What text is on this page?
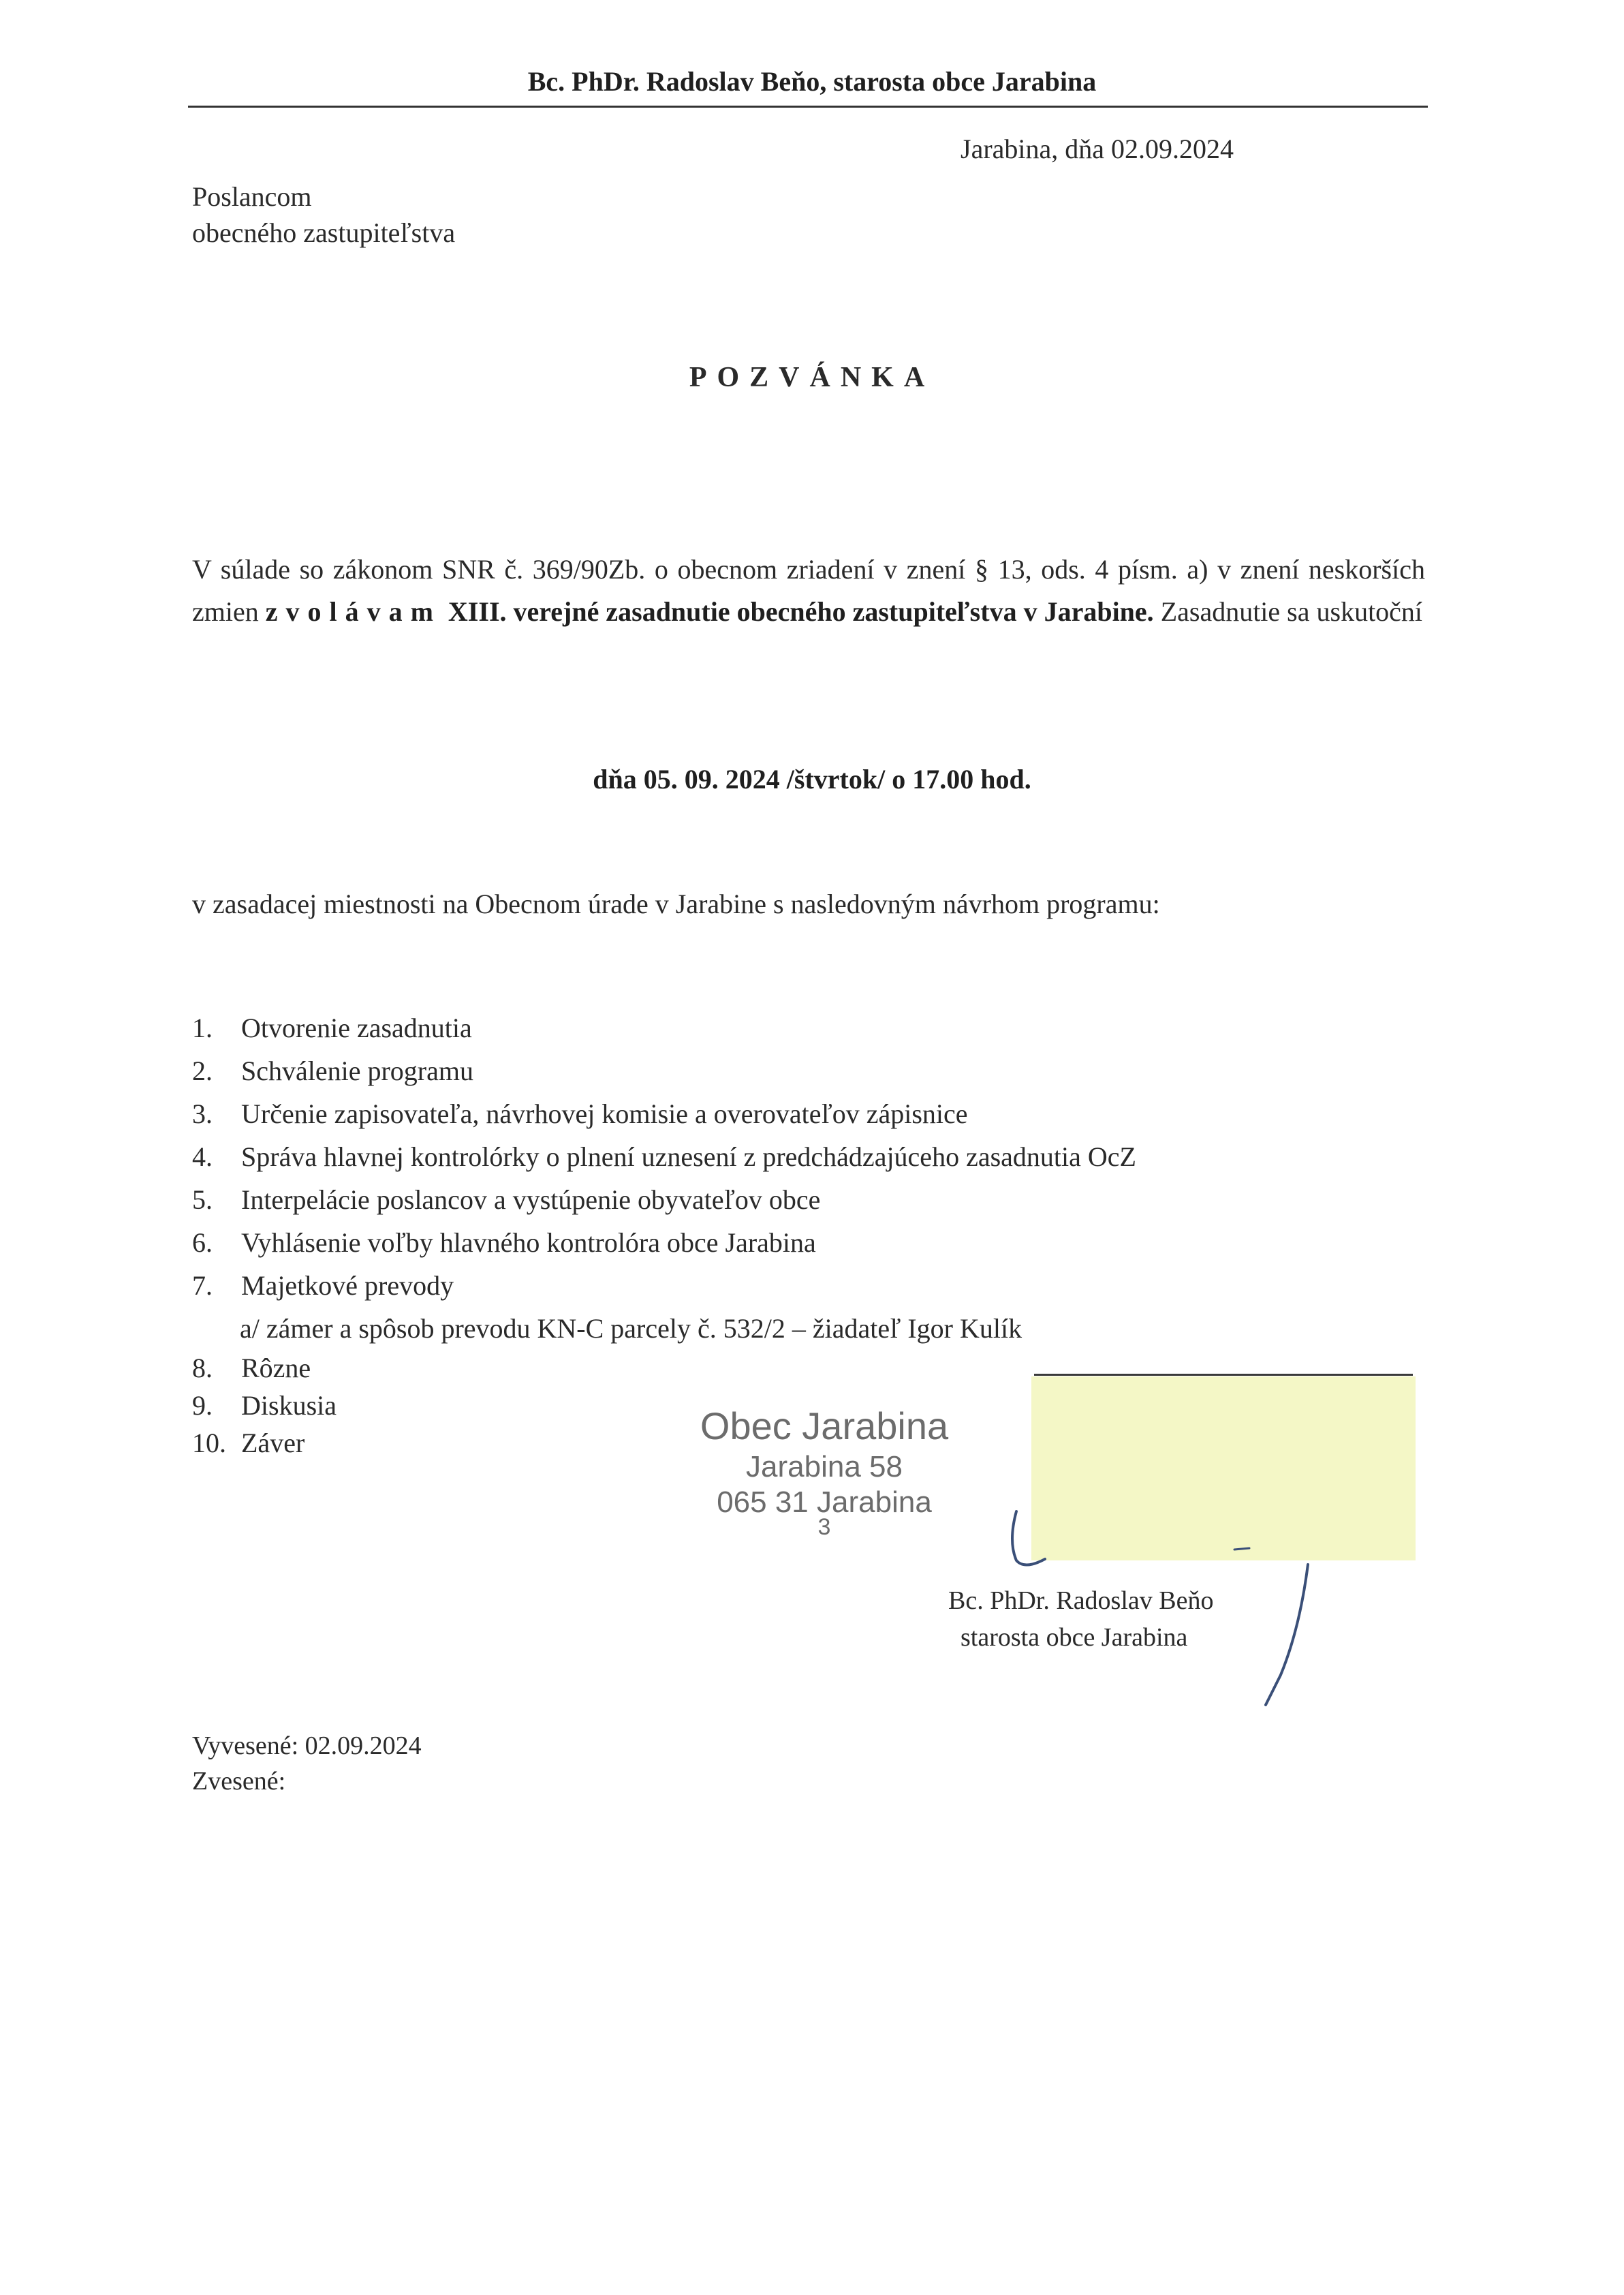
Bc. PhDr. Radoslav Beňo, starosta obce Jarabina
Jarabina, dňa 02.09.2024
Poslancom
obecného zastupiteľstva
POZVÁNKA
V súlade so zákonom SNR č. 369/90Zb. o obecnom zriadení v znení § 13, ods. 4 písm. a) v znení neskorších zmien zvolávam XIII. verejné zasadnutie obecného zastupiteľstva v Jarabine. Zasadnutie sa uskutoční
dňa 05. 09. 2024 /štvrtok/ o 17.00 hod.
v zasadacej miestnosti na Obecnom úrade v Jarabine s nasledovným návrhom programu:
1. Otvorenie zasadnutia
2. Schválenie programu
3. Určenie zapisovateľa, návrhovej komisie a overovateľov zápisnice
4. Správa hlavnej kontrolórky o plnení uznesení z predchádzajúceho zasadnutia OcZ
5. Interpelácie poslancov a vystúpenie obyvateľov obce
6. Vyhlásenie voľby hlavného kontrolóra obce Jarabina
7. Majetkové prevody
a/ zámer a spôsob prevodu KN-C parcely č. 532/2 – žiadateľ Igor Kulík
8. Rôzne
9. Diskusia
10. Záver	Obec Jarabina
Jarabina 58
065 31 Jarabina
3
Bc. PhDr. Radoslav Beňo
starosta obce Jarabina
Vyvesené: 02.09.2024
Zvesené:
